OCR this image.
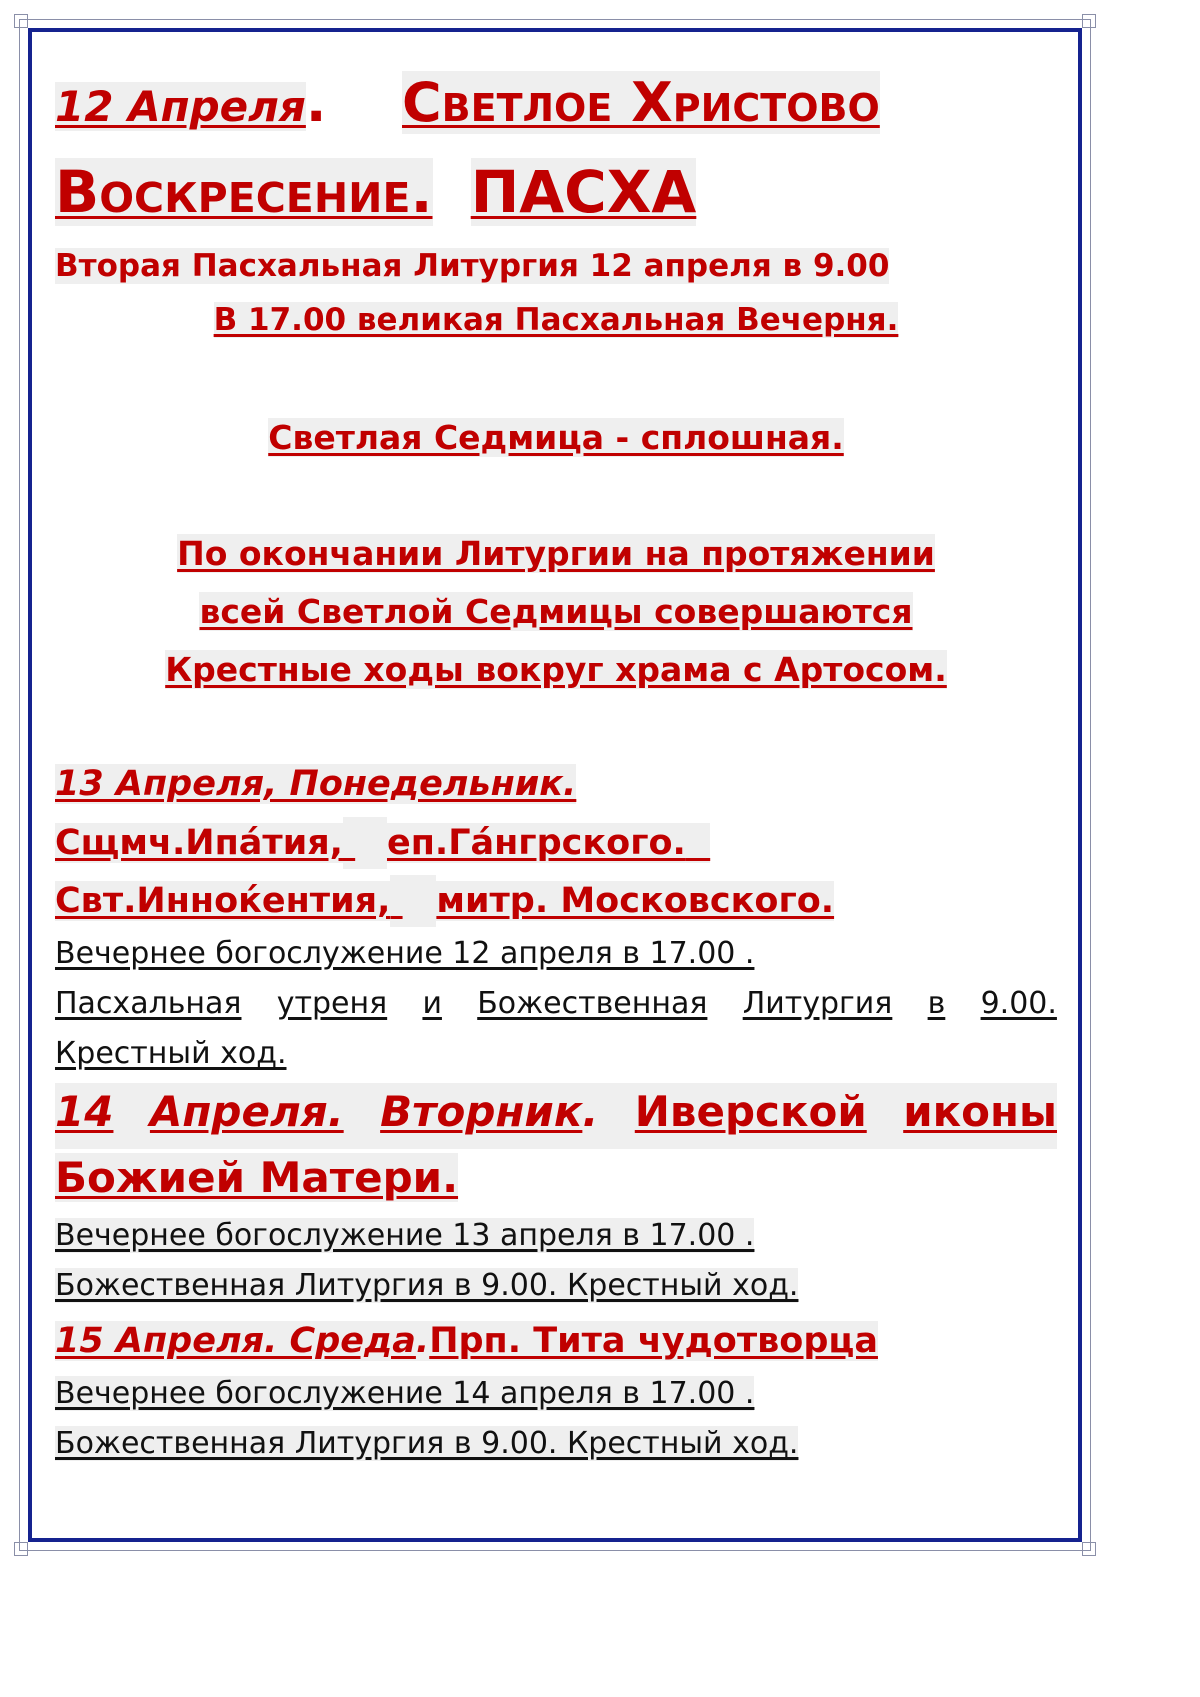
12 Апреля. Светлое Христово
Воскресение. ПАСХА
Вторая Пасхальная Литургия 12 апреля в 9.00
В 17.00 великая Пасхальная Вечерня.
Светлая Седмица - сплошная.
По окончании Литургии на протяжении
всей Светлой Седмицы совершаются
Крестные ходы вокруг храма с Артосом.
13 Апреля, Понедельник.
Сщмч.Ипа́тия, еп.Га́нгрского.
Свт.Инноќентия, митр. Московского.
Вечернее богослужение 12 апреля в 17.00 .
Пасхальная утреня и Божественная Литургия в 9.00.
Крестный ход.
14 Апреля. Вторник. Иверской иконы
Божией Матери.
Вечернее богослужение 13 апреля в 17.00 .
Божественная Литургия в 9.00. Крестный ход.
15 Апреля. Среда.Прп. Тита чудотворца
Вечернее богослужение 14 апреля в 17.00 .
Божественная Литургия в 9.00. Крестный ход.
